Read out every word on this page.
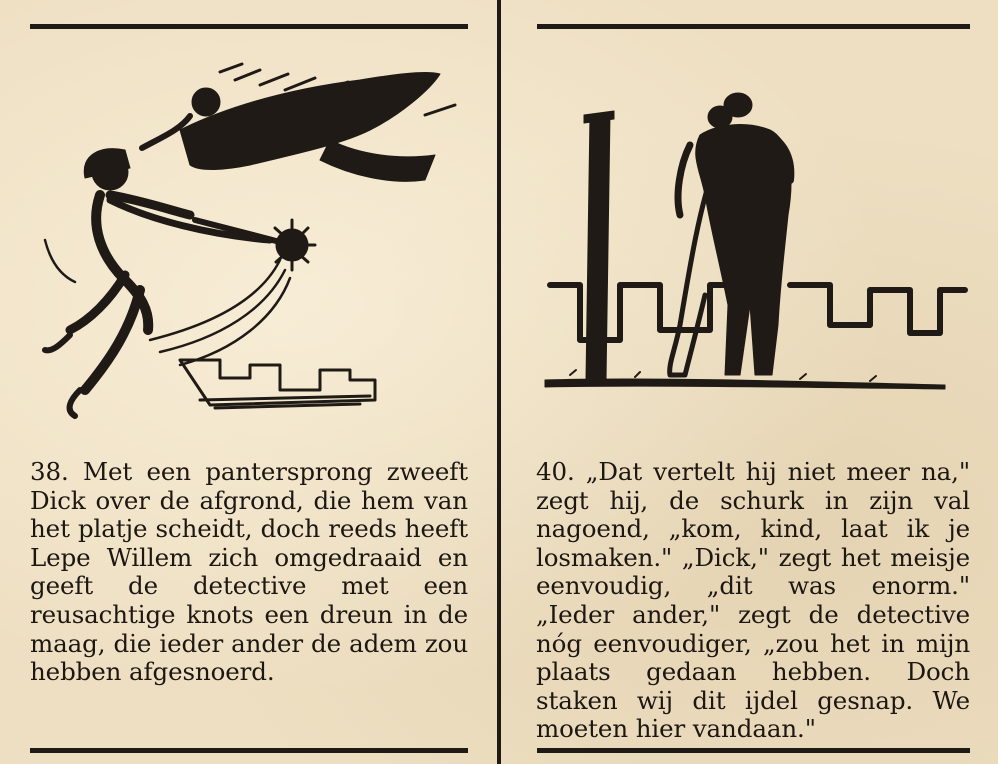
38. Met een pantersprong zweeft Dick over de afgrond, die hem van het platje scheidt, doch reeds heeft Lepe Willem zich omgedraaid en geeft de detective met een reusachtige knots een dreun in de maag, die ieder ander de adem zou hebben afgesnoerd.

40. „Dat vertelt hij niet meer na," zegt hij, de schurk in zijn val nagoend, „kom, kind, laat ik je losmaken." „Dick," zegt het meisje eenvoudig, „dit was enorm." „Ieder ander," zegt de detective nóg eenvoudiger, „zou het in mijn plaats gedaan hebben. Doch staken wij dit ijdel gesnap. We moeten hier vandaan."
